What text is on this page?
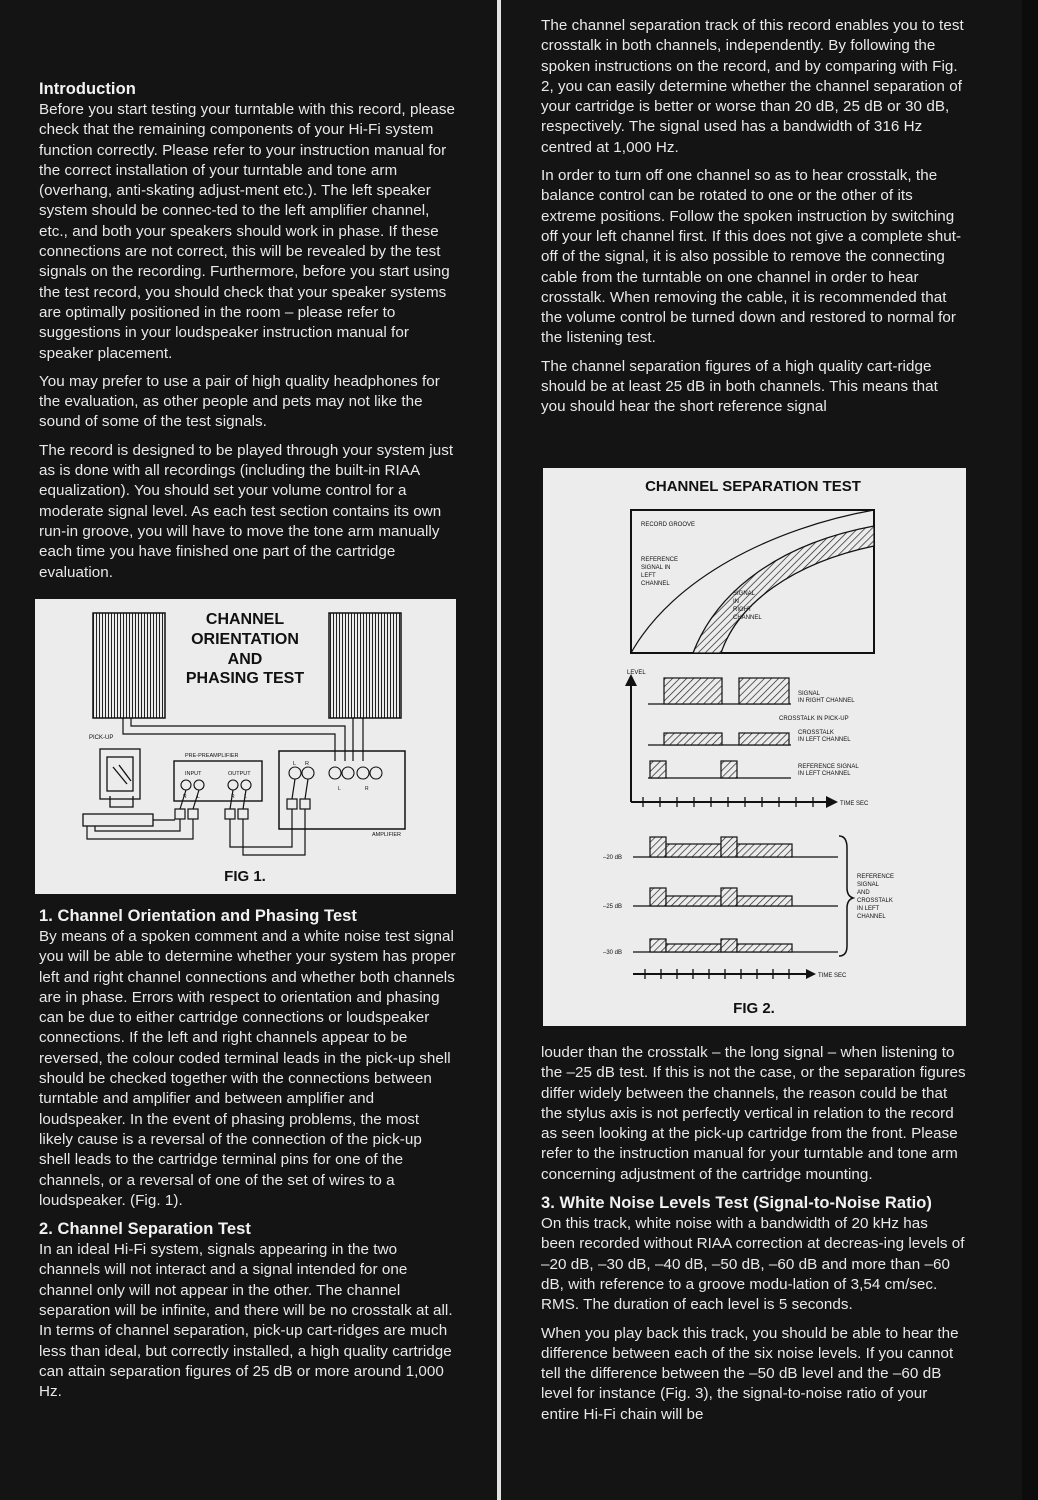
Introduction

Before you start testing your turntable with this record, please check that the remaining components of your Hi-Fi system function correctly. Please refer to your instruction manual for the correct installation of your turntable and tone arm (overhang, anti-skating adjust-ment etc.). The left speaker system should be connec-ted to the left amplifier channel, etc., and both your speakers should work in phase. If these connections are not correct, this will be revealed by the test signals on the recording. Furthermore, before you start using the test record, you should check that your speaker systems are optimally positioned in the room – please refer to suggestions in your loudspeaker instruction manual for speaker placement.

You may prefer to use a pair of high quality headphones for the evaluation, as other people and pets may not like the sound of some of the test signals.

The record is designed to be played through your system just as is done with all recordings (including the built-in RIAA equalization). You should set your volume control for a moderate signal level. As each test section contains its own run-in groove, you will have to move the tone arm manually each time you have finished one part of the cartridge evaluation.

CHANNEL
ORIENTATION
AND
PHASING TEST
PICK-UP
PRE-PREAMPLIFIER
INPUT	OUTPUT
R L	R L
L R
L	R
AMPLIFIER
FIG 1.
1. Channel Orientation and Phasing Test

By means of a spoken comment and a white noise test signal you will be able to determine whether your system has proper left and right channel connections and whether both channels are in phase. Errors with respect to orientation and phasing can be due to either cartridge connections or loudspeaker connections. If the left and right channels appear to be reversed, the colour coded terminal leads in the pick-up shell should be checked together with the connections between turntable and amplifier and between amplifier and loudspeaker. In the event of phasing problems, the most likely cause is a reversal of the connection of the pick-up shell leads to the cartridge terminal pins for one of the channels, or a reversal of one of the set of wires to a loudspeaker. (Fig. 1).

2. Channel Separation Test

In an ideal Hi-Fi system, signals appearing in the two channels will not interact and a signal intended for one channel only will not appear in the other. The channel separation will be infinite, and there will be no crosstalk at all. In terms of channel separation, pick-up cart-ridges are much less than ideal, but correctly installed, a high quality cartridge can attain separation figures of 25 dB or more around 1,000 Hz.

The channel separation track of this record enables you to test crosstalk in both channels, independently. By following the spoken instructions on the record, and by comparing with Fig. 2, you can easily determine whether the channel separation of your cartridge is better or worse than 20 dB, 25 dB or 30 dB, respectively. The signal used has a bandwidth of 316 Hz centred at 1,000 Hz.

In order to turn off one channel so as to hear crosstalk, the balance control can be rotated to one or the other of its extreme positions. Follow the spoken instruction by switching off your left channel first. If this does not give a complete shut-off of the signal, it is also possible to remove the connecting cable from the turntable on one channel in order to hear crosstalk. When removing the cable, it is recommended that the volume control be turned down and restored to normal for the listening test.

The channel separation figures of a high quality cart-ridge should be at least 25 dB in both channels. This means that you should hear the short reference signal

CHANNEL SEPARATION TEST
RECORD GROOVE
REFERENCE
SIGNAL IN
LEFT
CHANNEL
SIGNAL
IN
RIGHT
CHANNEL
LEVEL
TIME SEC
SIGNAL
IN RIGHT CHANNEL
CROSSTALK IN PICK-UP
CROSSTALK
IN LEFT CHANNEL
REFERENCE SIGNAL
IN LEFT CHANNEL
–20 dB
–25 dB
–30 dB
REFERENCE
SIGNAL
AND
CROSSTALK
IN LEFT
CHANNEL
TIME SEC
FIG 2.

louder than the crosstalk – the long signal – when listening to the –25 dB test. If this is not the case, or the separation figures differ widely between the channels, the reason could be that the stylus axis is not perfectly vertical in relation to the record as seen looking at the pick-up cartridge from the front. Please refer to the instruction manual for your turntable and tone arm concerning adjustment of the cartridge mounting.

3. White Noise Levels Test (Signal-to-Noise Ratio)

On this track, white noise with a bandwidth of 20 kHz has been recorded without RIAA correction at decreas-ing levels of –20 dB, –30 dB, –40 dB, –50 dB, –60 dB and more than –60 dB, with reference to a groove modu-lation of 3,54 cm/sec. RMS. The duration of each level is 5 seconds.

When you play back this track, you should be able to hear the difference between each of the six noise levels. If you cannot tell the difference between the –50 dB level and the –60 dB level for instance (Fig. 3), the signal-to-noise ratio of your entire Hi-Fi chain will be
